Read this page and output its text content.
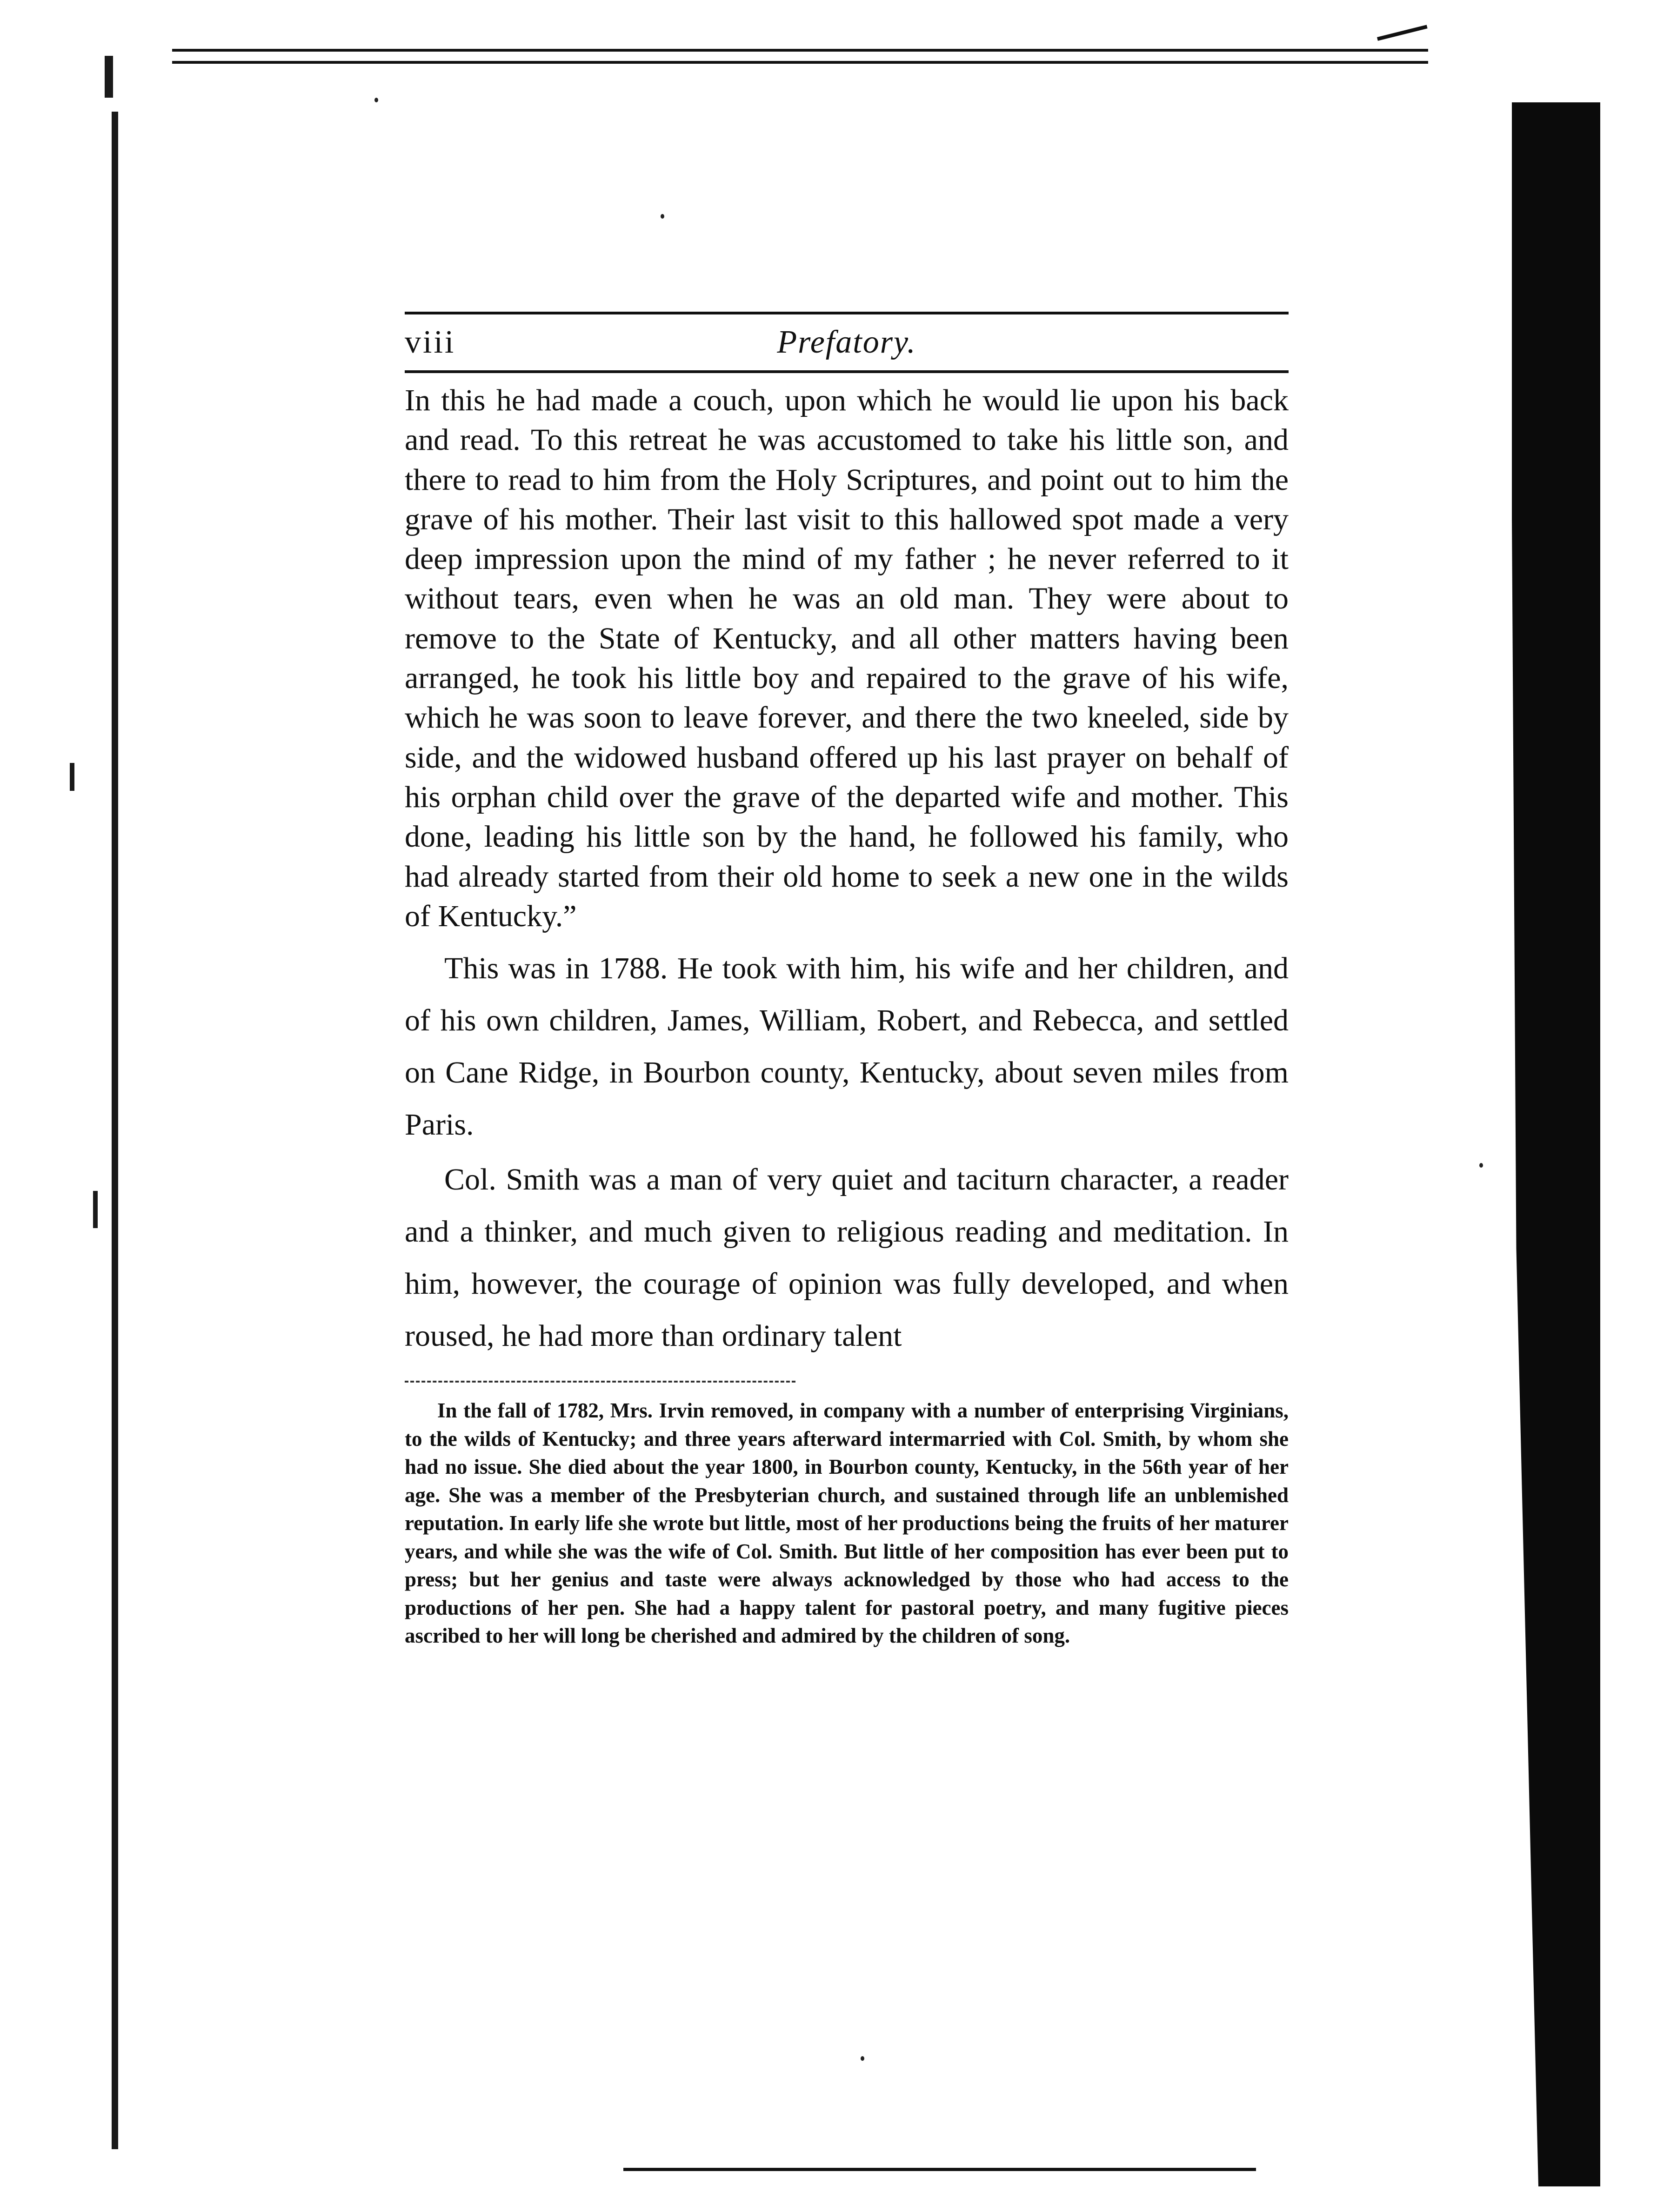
viii	Prefatory.

In this he had made a couch, upon which he would lie upon his back and read. To this retreat he was accustomed to take his little son, and there to read to him from the Holy Scriptures, and point out to him the grave of his mother. Their last visit to this hallowed spot made a very deep impression upon the mind of my father ; he never referred to it without tears, even when he was an old man. They were about to remove to the State of Kentucky, and all other matters having been arranged, he took his little boy and repaired to the grave of his wife, which he was soon to leave forever, and there the two kneeled, side by side, and the widowed husband offered up his last prayer on behalf of his orphan child over the grave of the departed wife and mother. This done, leading his little son by the hand, he followed his family, who had already started from their old home to seek a new one in the wilds of Kentucky.”

This was in 1788. He took with him, his wife and her children, and of his own children, James, William, Robert, and Rebecca, and settled on Cane Ridge, in Bourbon county, Kentucky, about seven miles from Paris.

Col. Smith was a man of very quiet and taciturn character, a reader and a thinker, and much given to religious reading and meditation. In him, however, the courage of opinion was fully developed, and when roused, he had more than ordinary talent

In the fall of 1782, Mrs. Irvin removed, in company with a number of enterprising Virginians, to the wilds of Kentucky; and three years afterward intermarried with Col. Smith, by whom she had no issue. She died about the year 1800, in Bourbon county, Kentucky, in the 56th year of her age. She was a member of the Presbyterian church, and sustained through life an unblemished reputation. In early life she wrote but little, most of her productions being the fruits of her maturer years, and while she was the wife of Col. Smith. But little of her composition has ever been put to press; but her genius and taste were always acknowledged by those who had access to the productions of her pen. She had a happy talent for pastoral poetry, and many fugitive pieces ascribed to her will long be cherished and admired by the children of song.
